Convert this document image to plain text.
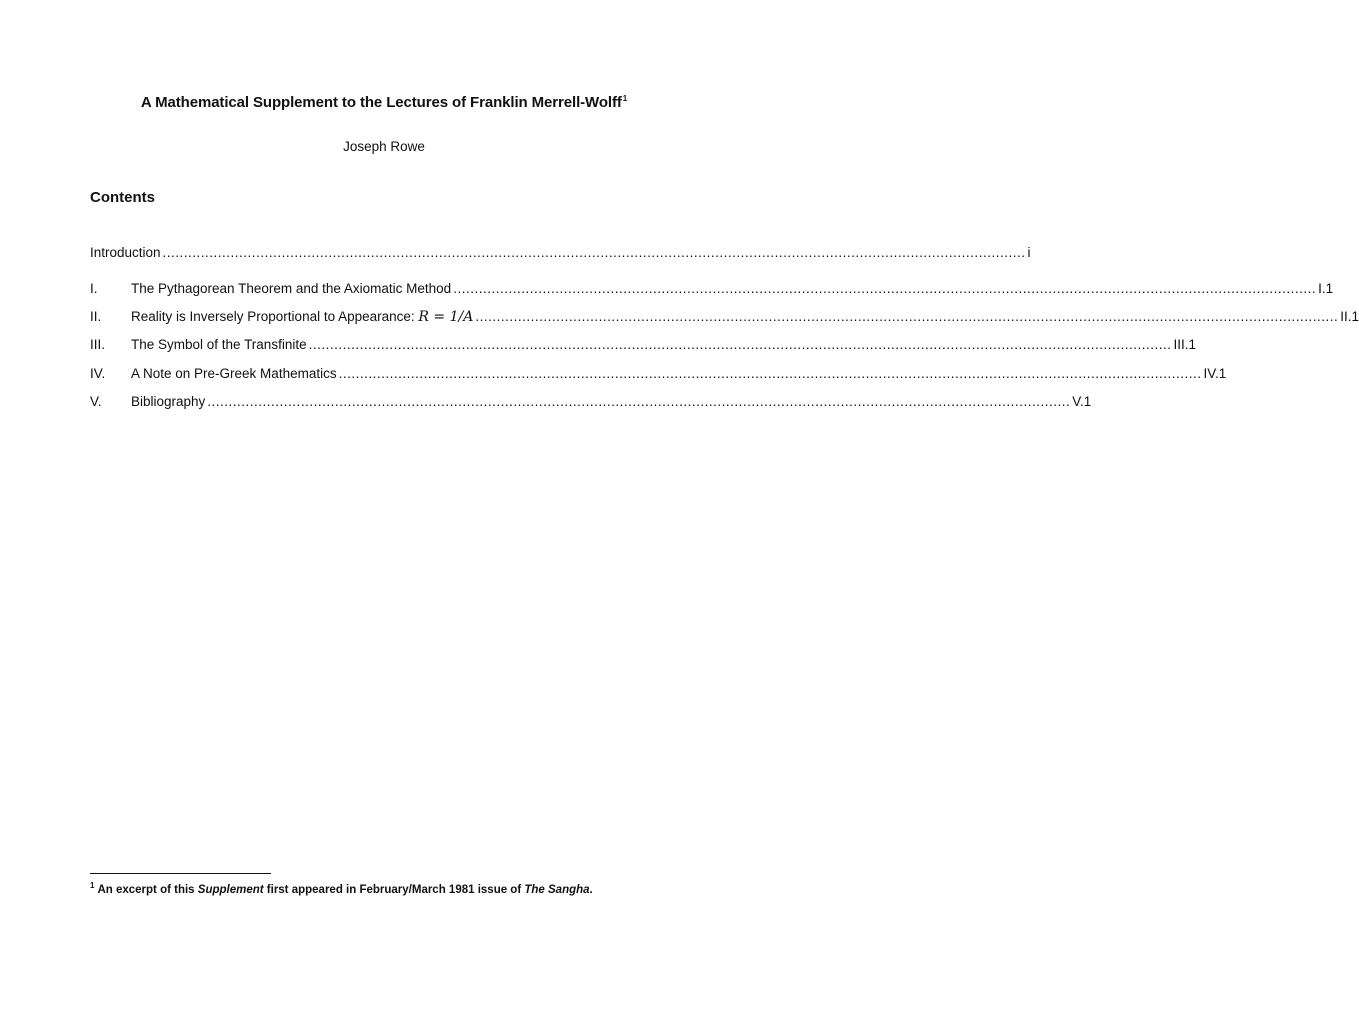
A Mathematical Supplement to the Lectures of Franklin Merrell-Wolff$^1$
Joseph Rowe
Contents
Introduction ........................................................................................................................................................................................................... i
I.	The Pythagorean Theorem and the Axiomatic Method ........................................................................................................................................................................................................... I.1
II.	Reality is Inversely Proportional to Appearance: R = 1/A ........................................................................................................................................................................................................... II.1
III.	The Symbol of the Transfinite ........................................................................................................................................................................................................... III.1
IV.	A Note on Pre-Greek Mathematics ........................................................................................................................................................................................................... IV.1
V.	Bibliography ........................................................................................................................................................................................................... V.1
$^1$ An excerpt of this Supplement first appeared in February/March 1981 issue of The Sangha.
